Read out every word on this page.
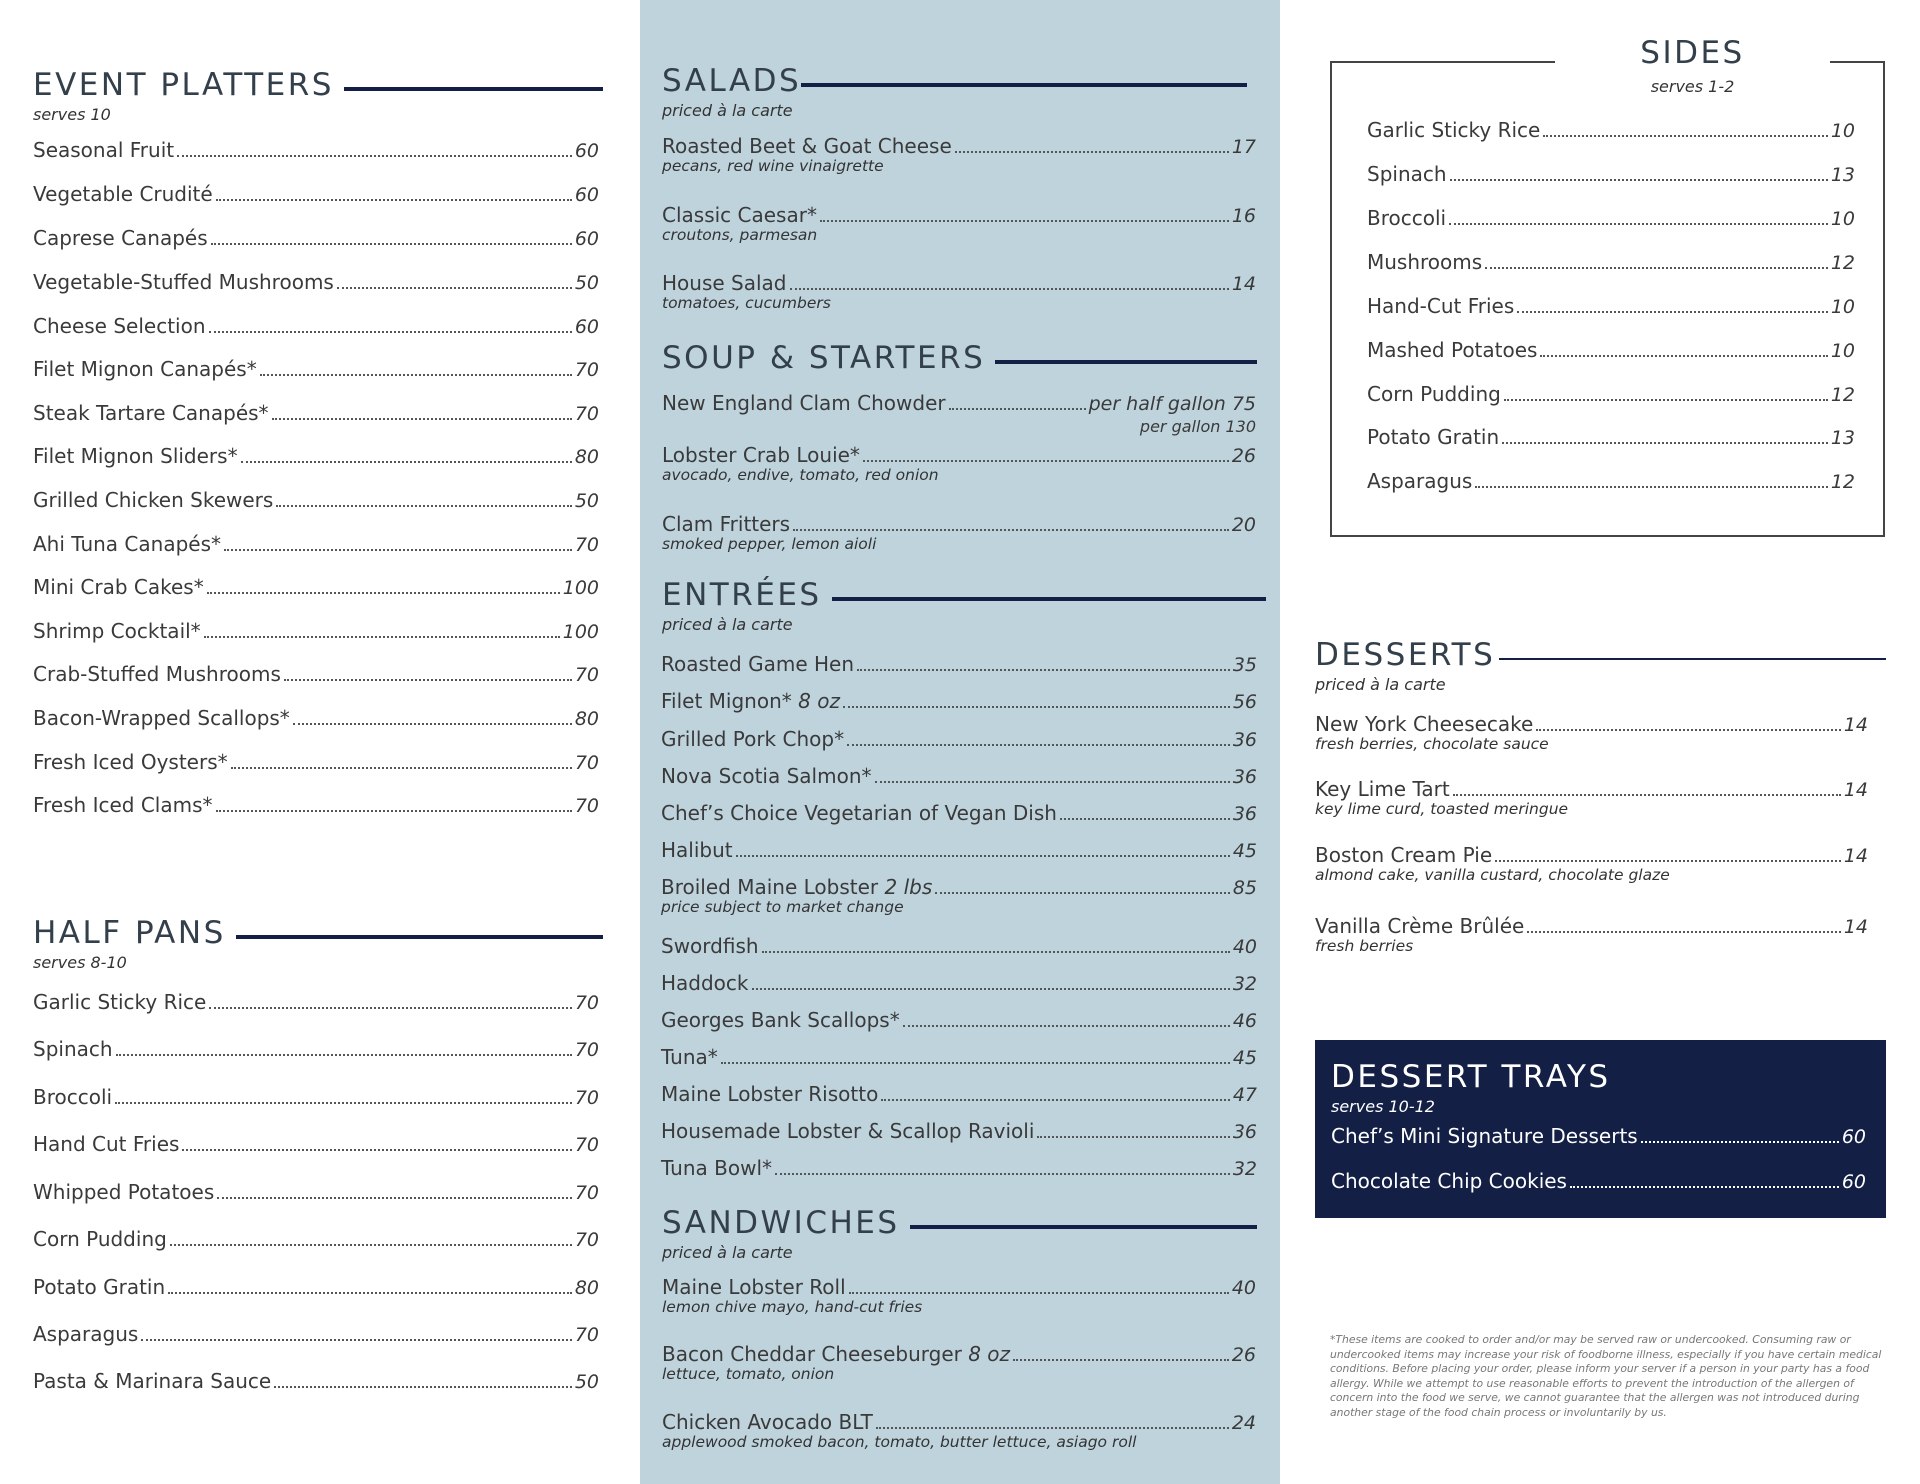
EVENT PLATTERS
serves 10
Seasonal Fruit	60
Vegetable Crudité	60
Caprese Canapés	60
Vegetable-Stuffed Mushrooms	50
Cheese Selection	60
Filet Mignon Canapés*	70
Steak Tartare Canapés*	70
Filet Mignon Sliders*	80
Grilled Chicken Skewers	50
Ahi Tuna Canapés*	70
Mini Crab Cakes*	100
Shrimp Cocktail*	100
Crab-Stuffed Mushrooms	70
Bacon-Wrapped Scallops*	80
Fresh Iced Oysters*	70
Fresh Iced Clams*	70
HALF PANS
serves 8-10
Garlic Sticky Rice	70
Spinach	70
Broccoli	70
Hand Cut Fries	70
Whipped Potatoes	70
Corn Pudding	70
Potato Gratin	80
Asparagus	70
Pasta & Marinara Sauce	50
SALADS
priced à la carte
Roasted Beet & Goat Cheese	17
pecans, red wine vinaigrette
Classic Caesar*	16
croutons, parmesan
House Salad	14
tomatoes, cucumbers
SOUP & STARTERS
New England Clam Chowder	per half gallon 75
per gallon 130
Lobster Crab Louie*	26
avocado, endive, tomato, red onion
Clam Fritters	20
smoked pepper, lemon aioli
ENTRÉES
priced à la carte
Roasted Game Hen	35
Filet Mignon* 8 oz	56
Grilled Pork Chop*	36
Nova Scotia Salmon*	36
Chef’s Choice Vegetarian of Vegan Dish	36
Halibut	45
Broiled Maine Lobster 2 lbs	85
price subject to market change
Swordfish	40
Haddock	32
Georges Bank Scallops*	46
Tuna*	45
Maine Lobster Risotto	47
Housemade Lobster & Scallop Ravioli	36
Tuna Bowl*	32
SANDWICHES
priced à la carte
Maine Lobster Roll	40
lemon chive mayo, hand-cut fries
Bacon Cheddar Cheeseburger 8 oz	26
lettuce, tomato, onion
Chicken Avocado BLT	24
applewood smoked bacon, tomato, butter lettuce, asiago roll
SIDES
serves 1-2
Garlic Sticky Rice	10
Spinach	13
Broccoli	10
Mushrooms	12
Hand-Cut Fries	10
Mashed Potatoes	10
Corn Pudding	12
Potato Gratin	13
Asparagus	12
DESSERTS
priced à la carte
New York Cheesecake	14
fresh berries, chocolate sauce
Key Lime Tart	14
key lime curd, toasted meringue
Boston Cream Pie	14
almond cake, vanilla custard, chocolate glaze
Vanilla Crème Brûlée	14
fresh berries
DESSERT TRAYS
serves 10-12
Chef’s Mini Signature Desserts	60
Chocolate Chip Cookies	60
*These items are cooked to order and/or may be served raw or undercooked. Consuming raw or undercooked items may increase your risk of foodborne illness, especially if you have certain medical conditions. Before placing your order, please inform your server if a person in your party has a food allergy. While we attempt to use reasonable efforts to prevent the introduction of the allergen of concern into the food we serve, we cannot guarantee that the allergen was not introduced during another stage of the food chain process or involuntarily by us.
